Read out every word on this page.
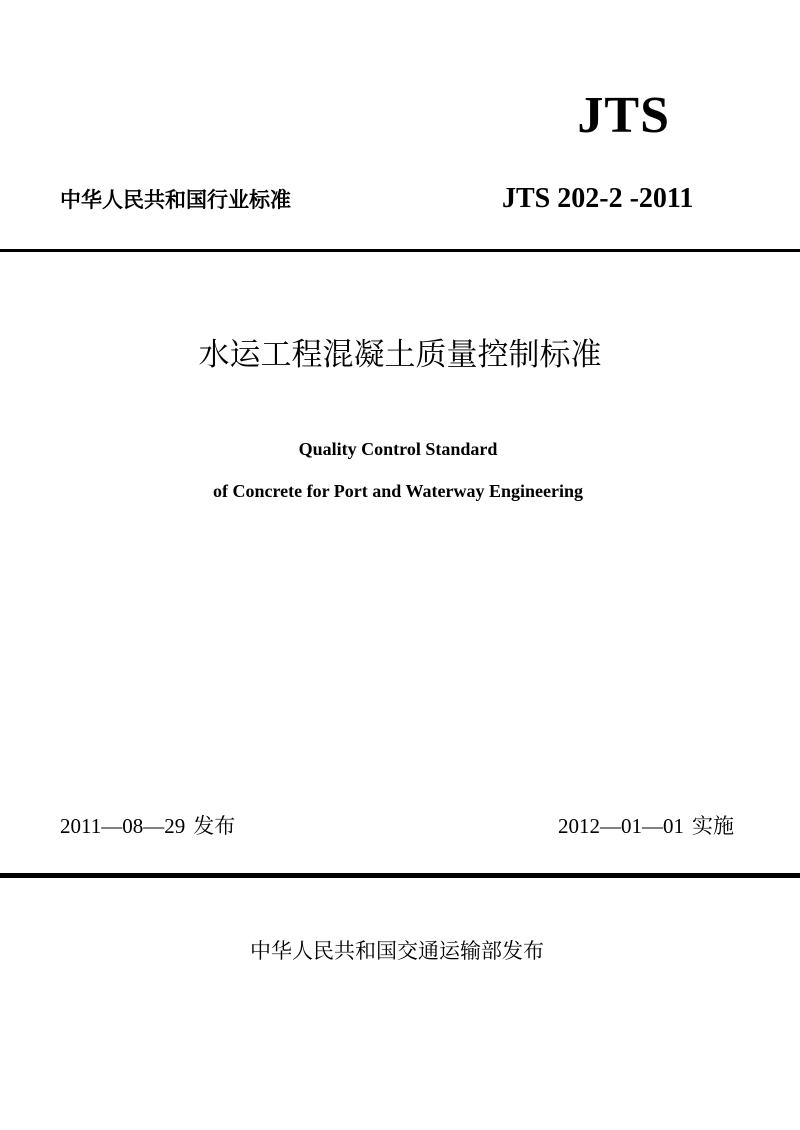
JTS
中华人民共和国行业标准	JTS 202-2 -2011
水运工程混凝土质量控制标准
Quality Control Standard
of Concrete for Port and Waterway Engineering
2011—08—29 发布	2012—01—01 实施
中华人民共和国交通运输部发布
